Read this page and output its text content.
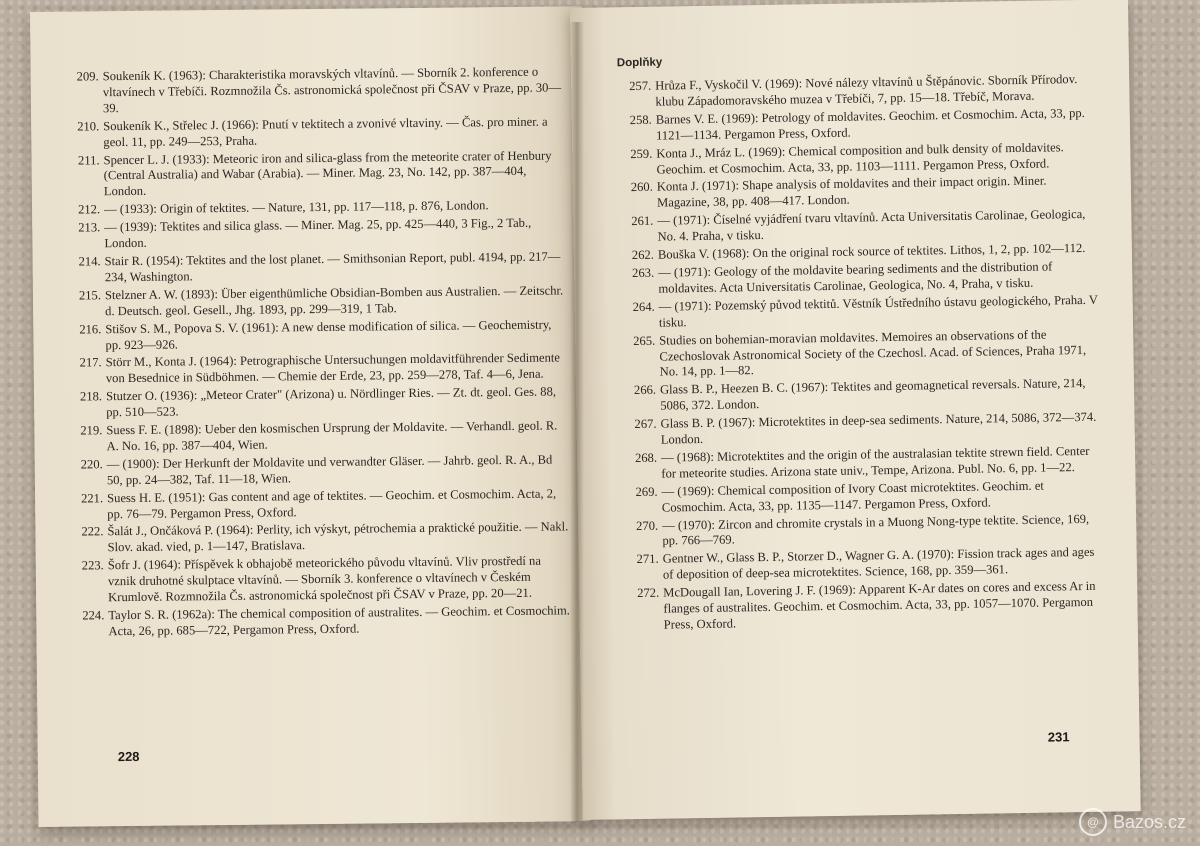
209. Soukeník K. (1963): Charakteristika moravských vltavínů. — Sborník 2. konference o vltavínech v Třebíči. Rozmnožila Čs. astronomická společnost při ČSAV v Praze, pp. 30—39.
210. Soukeník K., Střelec J. (1966): Pnutí v tektitech a zvonivé vltaviny. — Čas. pro miner. a geol. 11, pp. 249—253, Praha.
211. Spencer L. J. (1933): Meteoric iron and silica-glass from the meteorite crater of Henbury (Central Australia) and Wabar (Arabia). — Miner. Mag. 23, No. 142, pp. 387—404, London.
212. — (1933): Origin of tektites. — Nature, 131, pp. 117—118, p. 876, London.
213. — (1939): Tektites and silica glass. — Miner. Mag. 25, pp. 425—440, 3 Fig., 2 Tab., London.
214. Stair R. (1954): Tektites and the lost planet. — Smithsonian Report, publ. 4194, pp. 217—234, Washington.
215. Stelzner A. W. (1893): Über eigenthümliche Obsidian-Bomben aus Australien. — Zeitschr. d. Deutsch. geol. Gesell., Jhg. 1893, pp. 299—319, 1 Tab.
216. Stišov S. M., Popova S. V. (1961): A new dense modification of silica. — Geochemistry, pp. 923—926.
217. Störr M., Konta J. (1964): Petrographische Untersuchungen moldavitführender Sedimente von Besednice in Südböhmen. — Chemie der Erde, 23, pp. 259—278, Taf. 4—6, Jena.
218. Stutzer O. (1936): „Meteor Crater" (Arizona) u. Nördlinger Ries. — Zt. dt. geol. Ges. 88, pp. 510—523.
219. Suess F. E. (1898): Ueber den kosmischen Ursprung der Moldavite. — Verhandl. geol. R. A. No. 16, pp. 387—404, Wien.
220. — (1900): Der Herkunft der Moldavite und verwandter Gläser. — Jahrb. geol. R. A., Bd 50, pp. 24—382, Taf. 11—18, Wien.
221. Suess H. E. (1951): Gas content and age of tektites. — Geochim. et Cosmochim. Acta, 2, pp. 76—79. Pergamon Press, Oxford.
222. Šalát J., Ončáková P. (1964): Perlity, ich výskyt, pétrochemia a praktické použitie. — Nakl. Slov. akad. vied, p. 1—147, Bratislava.
223. Šofr J. (1964): Příspěvek k obhajobě meteorického původu vltavínů. Vliv prostředí na vznik druhotné skulptace vltavínů. — Sborník 3. konference o vltavínech v Českém Krumlově. Rozmnožila Čs. astronomická společnost při ČSAV v Praze, pp. 20—21.
224. Taylor S. R. (1962a): The chemical composition of australites. — Geochim. et Cosmochim. Acta, 26, pp. 685—722, Pergamon Press, Oxford.
228
Doplňky
257. Hrůza F., Vyskočil V. (1969): Nové nálezy vltavínů u Štěpánovic. Sborník Přírodov. klubu Západomoravského muzea v Třebíči, 7, pp. 15—18. Třebíč, Morava.
258. Barnes V. E. (1969): Petrology of moldavites. Geochim. et Cosmochim. Acta, 33, pp. 1121—1134. Pergamon Press, Oxford.
259. Konta J., Mráz L. (1969): Chemical composition and bulk density of moldavites. Geochim. et Cosmochim. Acta, 33, pp. 1103—1111. Pergamon Press, Oxford.
260. Konta J. (1971): Shape analysis of moldavites and their impact origin. Miner. Magazine, 38, pp. 408—417. London.
261. — (1971): Číselné vyjádření tvaru vltavínů. Acta Universitatis Carolinae, Geologica, No. 4. Praha, v tisku.
262. Bouška V. (1968): On the original rock source of tektites. Lithos, 1, 2, pp. 102—112.
263. — (1971): Geology of the moldavite bearing sediments and the distribution of moldavites. Acta Universitatis Carolinae, Geologica, No. 4, Praha, v tisku.
264. — (1971): Pozemský původ tektitů. Věstník Ústředního ústavu geologického, Praha. V tisku.
265. Studies on bohemian-moravian moldavites. Memoires an observations of the Czechoslovak Astronomical Society of the Czechosl. Acad. of Sciences, Praha 1971, No. 14, pp. 1—82.
266. Glass B. P., Heezen B. C. (1967): Tektites and geomagnetical reversals. Nature, 214, 5086, 372. London.
267. Glass B. P. (1967): Microtektites in deep-sea sediments. Nature, 214, 5086, 372—374. London.
268. — (1968): Microtektites and the origin of the australasian tektite strewn field. Center for meteorite studies. Arizona state univ., Tempe, Arizona. Publ. No. 6, pp. 1—22.
269. — (1969): Chemical composition of Ivory Coast microtektites. Geochim. et Cosmochim. Acta, 33, pp. 1135—1147. Pergamon Press, Oxford.
270. — (1970): Zircon and chromite crystals in a Muong Nong-type tektite. Science, 169, pp. 766—769.
271. Gentner W., Glass B. P., Storzer D., Wagner G. A. (1970): Fission track ages and ages of deposition of deep-sea microtektites. Science, 168, pp. 359—361.
272. McDougall Ian, Lovering J. F. (1969): Apparent K-Ar dates on cores and excess Ar in flanges of australites. Geochim. et Cosmochim. Acta, 33, pp. 1057—1070. Pergamon Press, Oxford.
231
@ Bazos.cz
